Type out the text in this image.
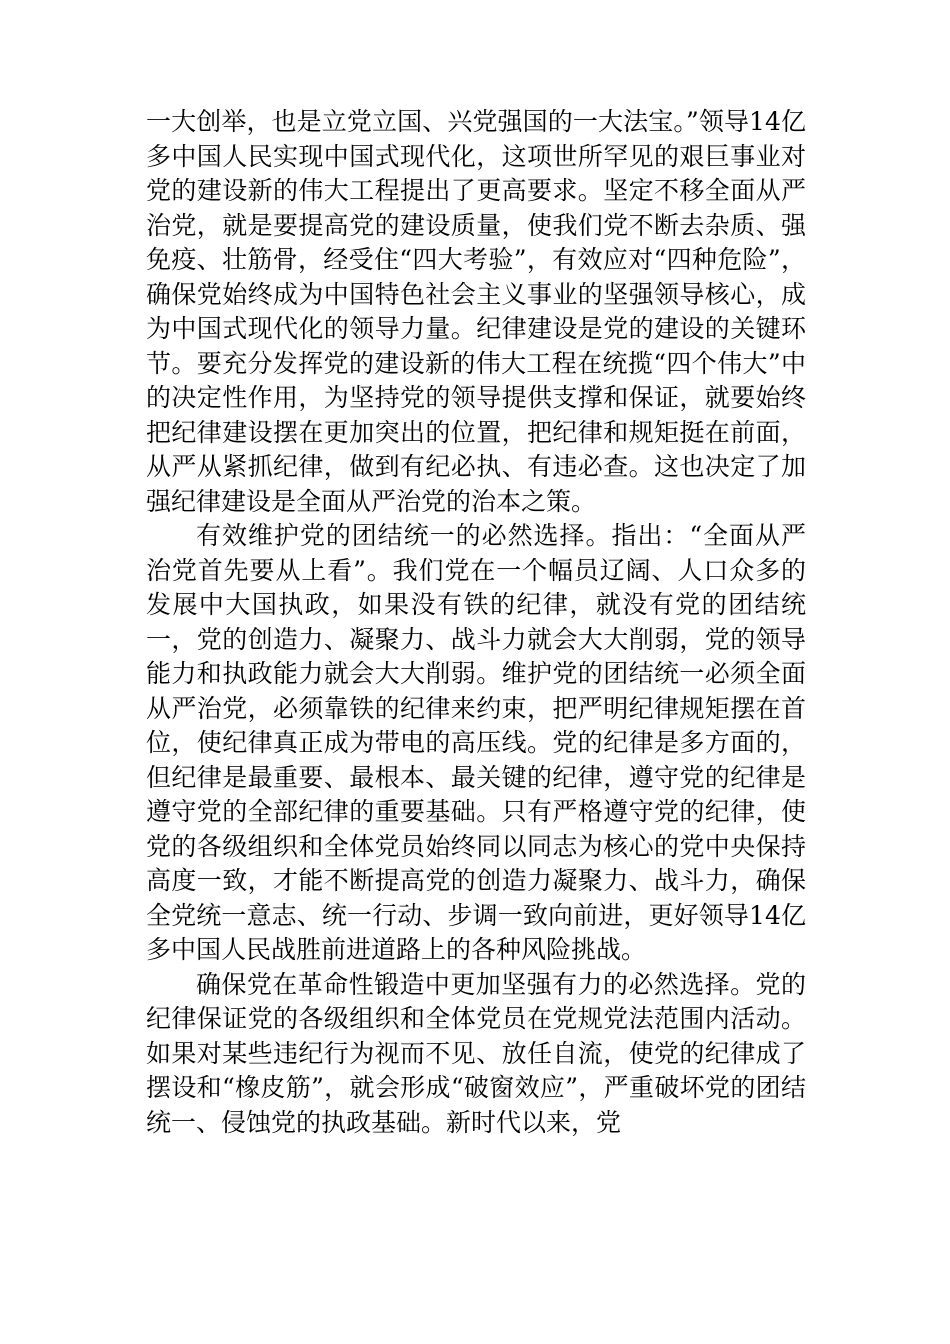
一大创举，也是立党立国、兴党强国的一大法宝。”领导14亿多中国人民实现中国式现代化，这项世所罕见的艰巨事业对党的建设新的伟大工程提出了更高要求。坚定不移全面从严治党，就是要提高党的建设质量，使我们党不断去杂质、强免疫、壮筋骨，经受住“四大考验”，有效应对“四种危险”，确保党始终成为中国特色社会主义事业的坚强领导核心，成为中国式现代化的领导力量。纪律建设是党的建设的关键环节。要充分发挥党的建设新的伟大工程在统揽“四个伟大”中的决定性作用，为坚持党的领导提供支撑和保证，就要始终把纪律建设摆在更加突出的位置，把纪律和规矩挺在前面，从严从紧抓纪律，做到有纪必执、有违必查。这也决定了加强纪律建设是全面从严治党的治本之策。

有效维护党的团结统一的必然选择。指出：“全面从严治党首先要从上看”。我们党在一个幅员辽阔、人口众多的发展中大国执政，如果没有铁的纪律，就没有党的团结统一，党的创造力、凝聚力、战斗力就会大大削弱，党的领导能力和执政能力就会大大削弱。维护党的团结统一必须全面从严治党，必须靠铁的纪律来约束，把严明纪律规矩摆在首位，使纪律真正成为带电的高压线。党的纪律是多方面的，但纪律是最重要、最根本、最关键的纪律，遵守党的纪律是遵守党的全部纪律的重要基础。只有严格遵守党的纪律，使党的各级组织和全体党员始终同以同志为核心的党中央保持高度一致，才能不断提高党的创造力凝聚力、战斗力，确保全党统一意志、统一行动、步调一致向前进，更好领导14亿多中国人民战胜前进道路上的各种风险挑战。

确保党在革命性锻造中更加坚强有力的必然选择。党的纪律保证党的各级组织和全体党员在党规党法范围内活动。如果对某些违纪行为视而不见、放任自流，使党的纪律成了摆设和“橡皮筋”，就会形成“破窗效应”，严重破坏党的团结统一、侵蚀党的执政基础。新时代以来，党
